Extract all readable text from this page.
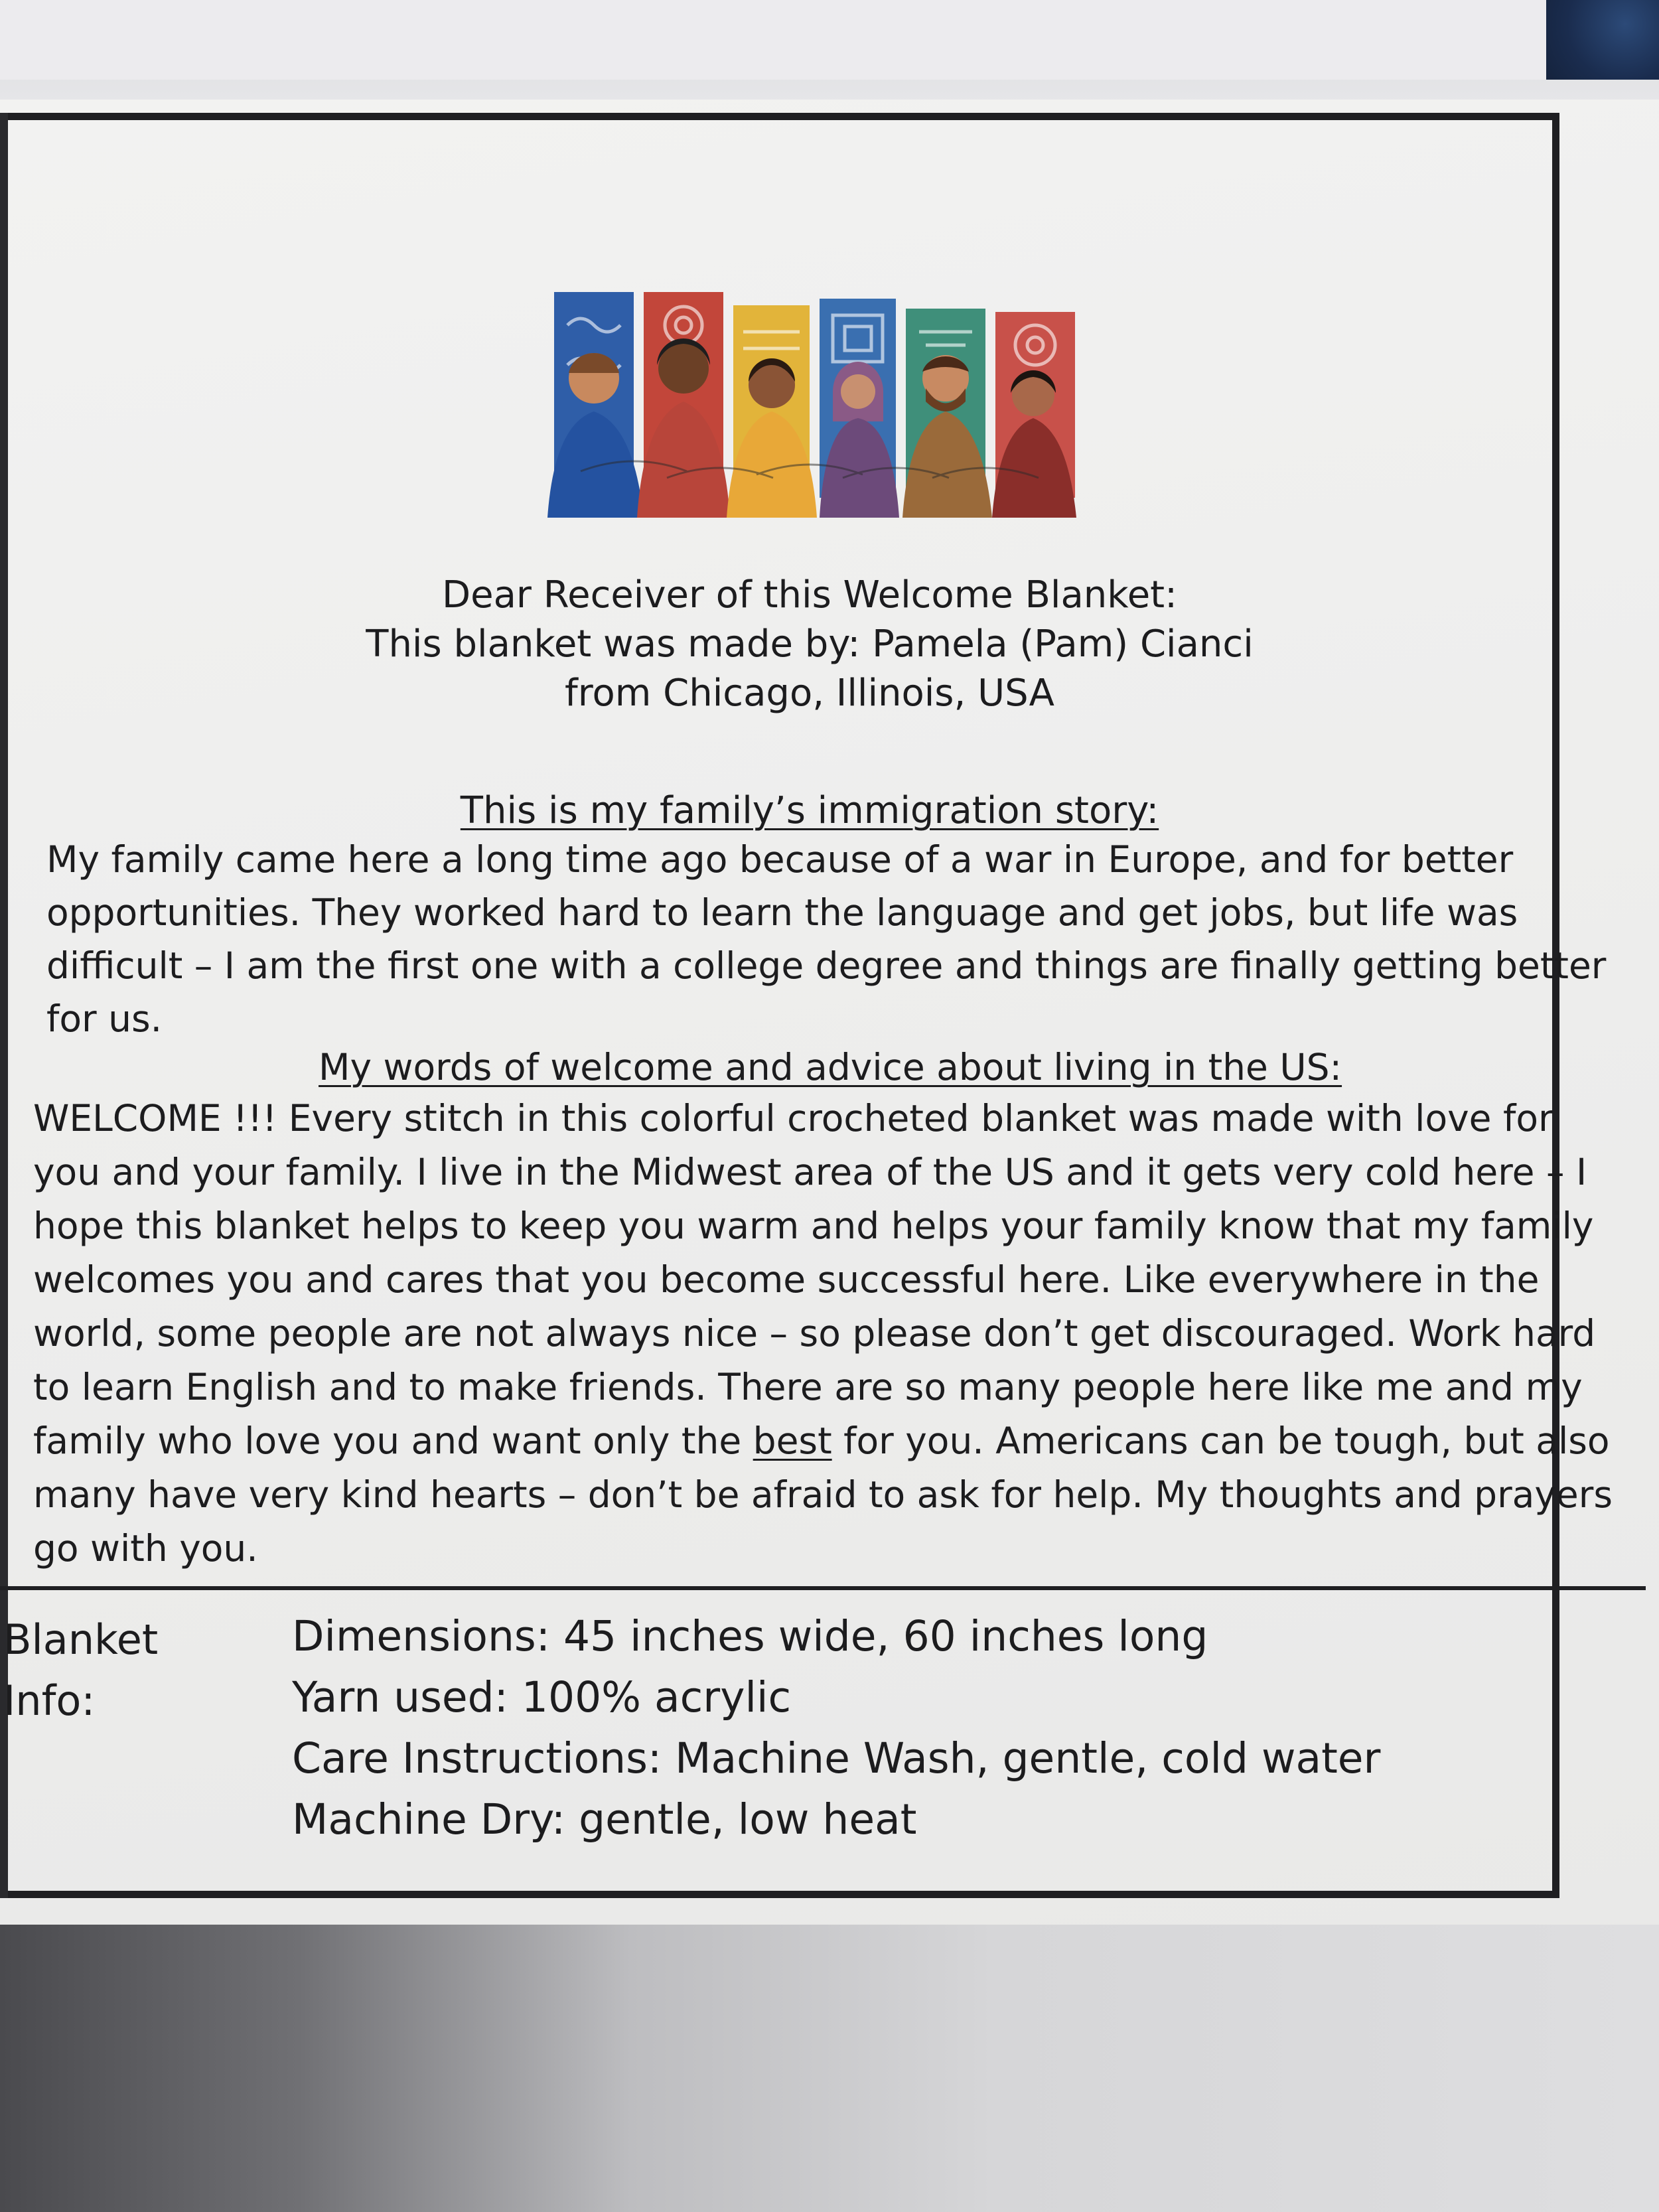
Dear Receiver of this Welcome Blanket:
This blanket was made by: Pamela (Pam) Cianci
from Chicago, Illinois, USA
This is my family’s immigration story:
My family came here a long time ago because of a war in Europe, and for better
opportunities. They worked hard to learn the language and get jobs, but life was
difficult – I am the first one with a college degree and things are finally getting better
for us.
My words of welcome and advice about living in the US:
WELCOME !!! Every stitch in this colorful crocheted blanket was made with love for
you and your family. I live in the Midwest area of the US and it gets very cold here – I
hope this blanket helps to keep you warm and helps your family know that my family
welcomes you and cares that you become successful here. Like everywhere in the
world, some people are not always nice – so please don’t get discouraged. Work hard
to learn English and to make friends. There are so many people here like me and my
family who love you and want only the best for you. Americans can be tough, but also
many have very kind hearts – don’t be afraid to ask for help. My thoughts and prayers
go with you.
Blanket
Info:
Dimensions: 45 inches wide, 60 inches long
Yarn used: 100% acrylic
Care Instructions: Machine Wash, gentle, cold water
Machine Dry: gentle, low heat
